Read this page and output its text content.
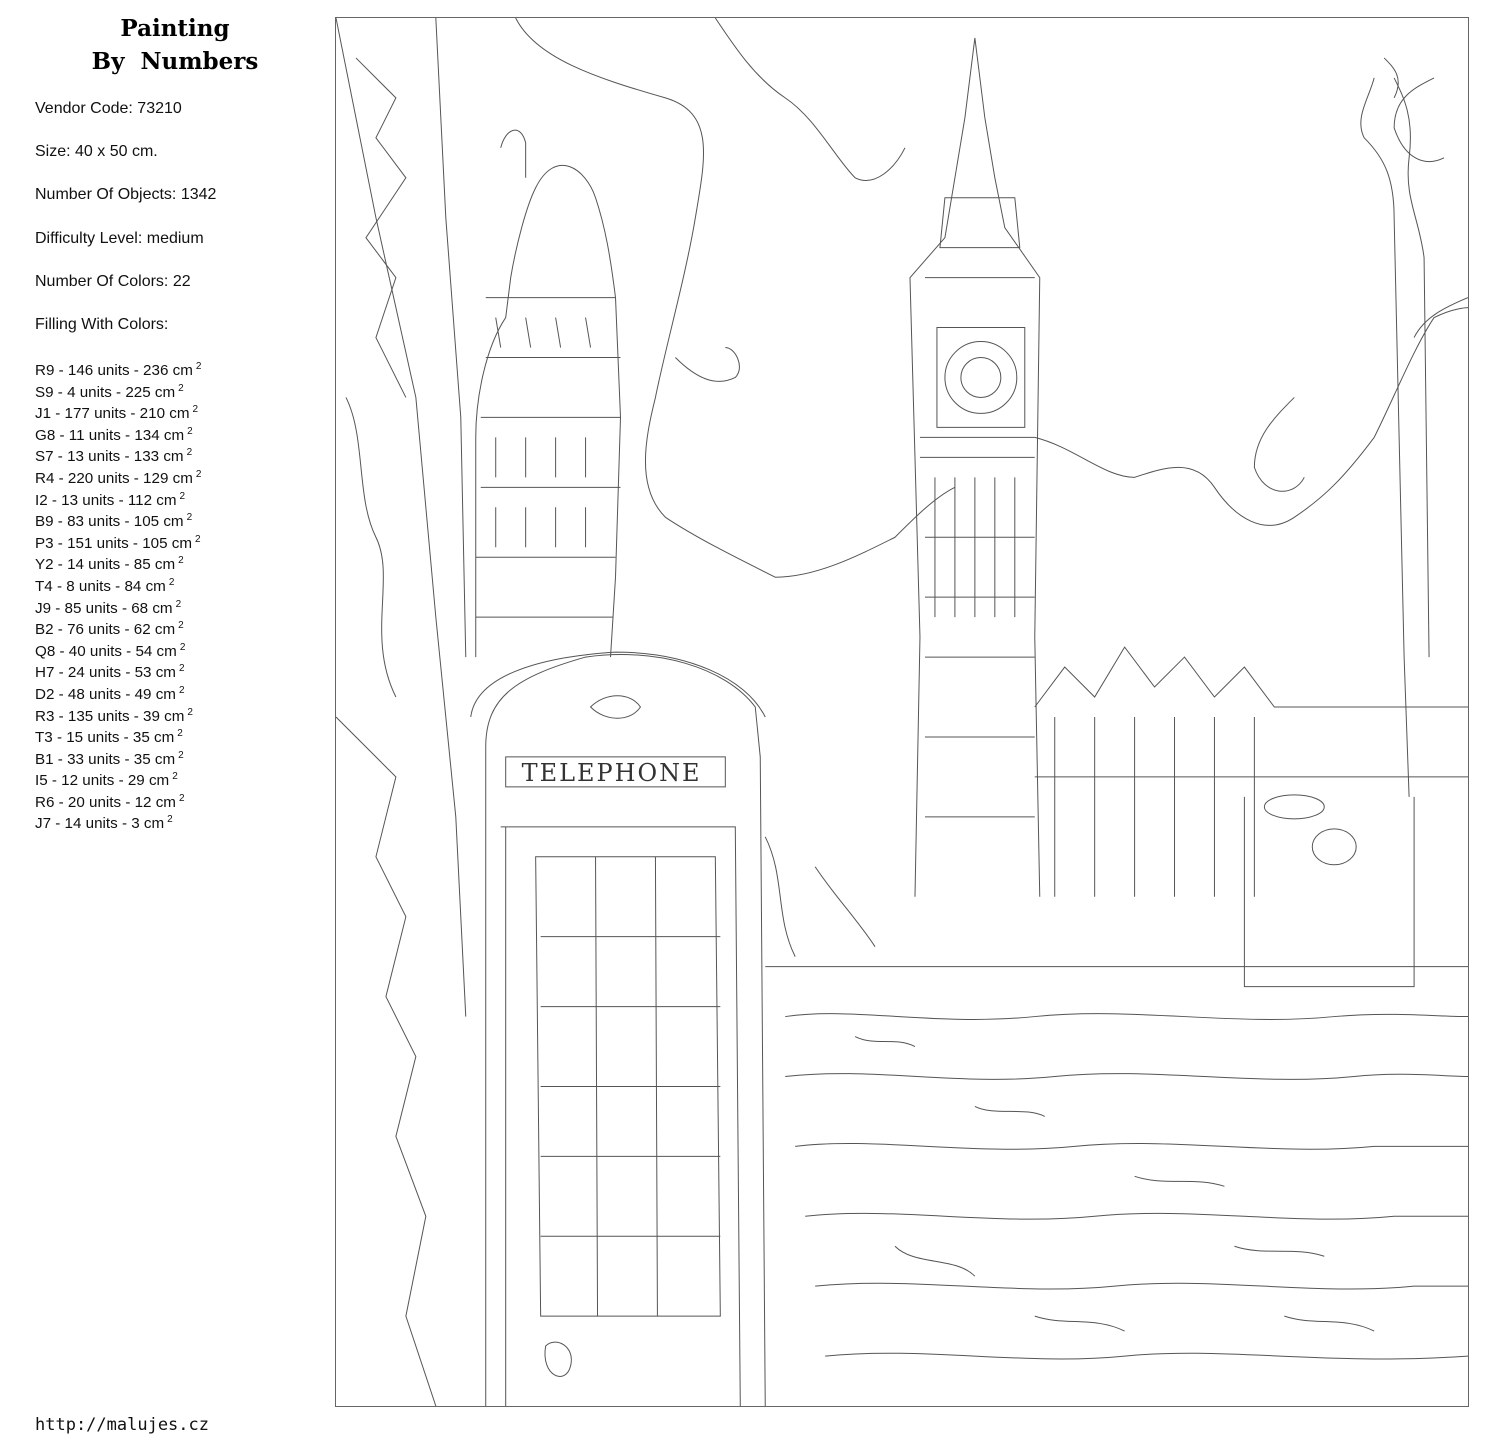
Painting
By  Numbers
Vendor Code: 73210
Size: 40 x 50 cm.
Number Of Objects: 1342
Difficulty Level: medium
Number Of Colors: 22
Filling With Colors:
R9 - 146 units - 236 cm $^2$
S9 - 4 units - 225 cm $^2$
J1 - 177 units - 210 cm $^2$
G8 - 11 units - 134 cm $^2$
S7 - 13 units - 133 cm $^2$
R4 - 220 units - 129 cm $^2$
I2 - 13 units - 112 cm $^2$
B9 - 83 units - 105 cm $^2$
P3 - 151 units - 105 cm $^2$
Y2 - 14 units - 85 cm $^2$
T4 - 8 units - 84 cm $^2$
J9 - 85 units - 68 cm $^2$
B2 - 76 units - 62 cm $^2$
Q8 - 40 units - 54 cm $^2$
H7 - 24 units - 53 cm $^2$
D2 - 48 units - 49 cm $^2$
R3 - 135 units - 39 cm $^2$
T3 - 15 units - 35 cm $^2$
B1 - 33 units - 35 cm $^2$
I5 - 12 units - 29 cm $^2$
R6 - 20 units - 12 cm $^2$
J7 - 14 units - 3 cm $^2$
http://malujes.cz
TELEPHONE
